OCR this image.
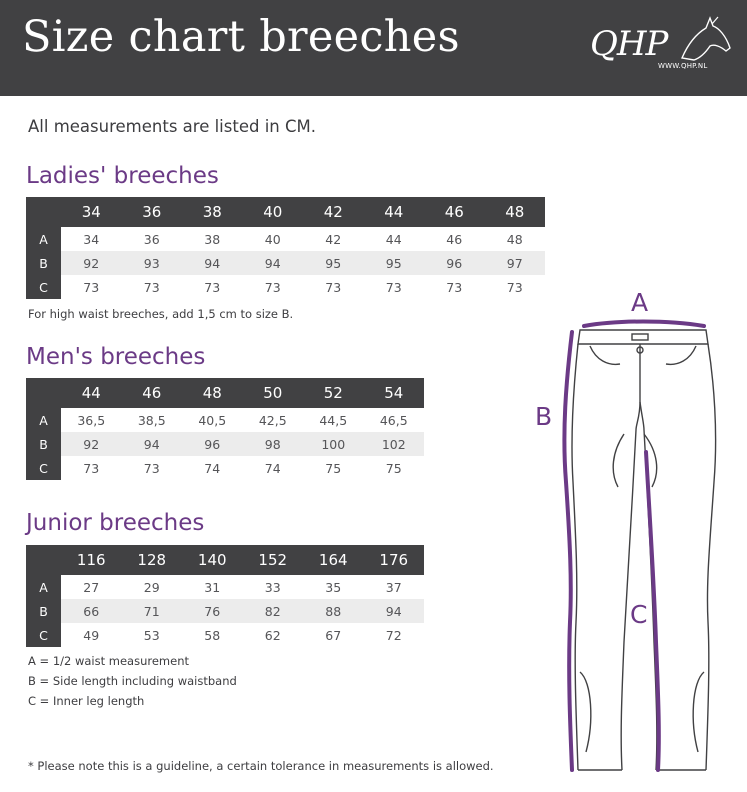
Size chart breeches	QHP
WWW.QHP.NL
All measurements are listed in CM.
Ladies' breeches
	34	36	38	40	42	44	46	48
A	34	36	38	40	42	44	46	48
B	92	93	94	94	95	95	96	97
C	73	73	73	73	73	73	73	73
For high waist breeches, add 1,5 cm to size B.
Men's breeches
	44	46	48	50	52	54
A	36,5	38,5	40,5	42,5	44,5	46,5
B	92	94	96	98	100	102
C	73	73	74	74	75	75
Junior breeches
	116	128	140	152	164	176
A	27	29	31	33	35	37
B	66	71	76	82	88	94
C	49	53	58	62	67	72
A = 1/2 waist measurement
B = Side length including waistband
C = Inner leg length
* Please note this is a guideline, a certain tolerance in measurements is allowed.
A
B
C
